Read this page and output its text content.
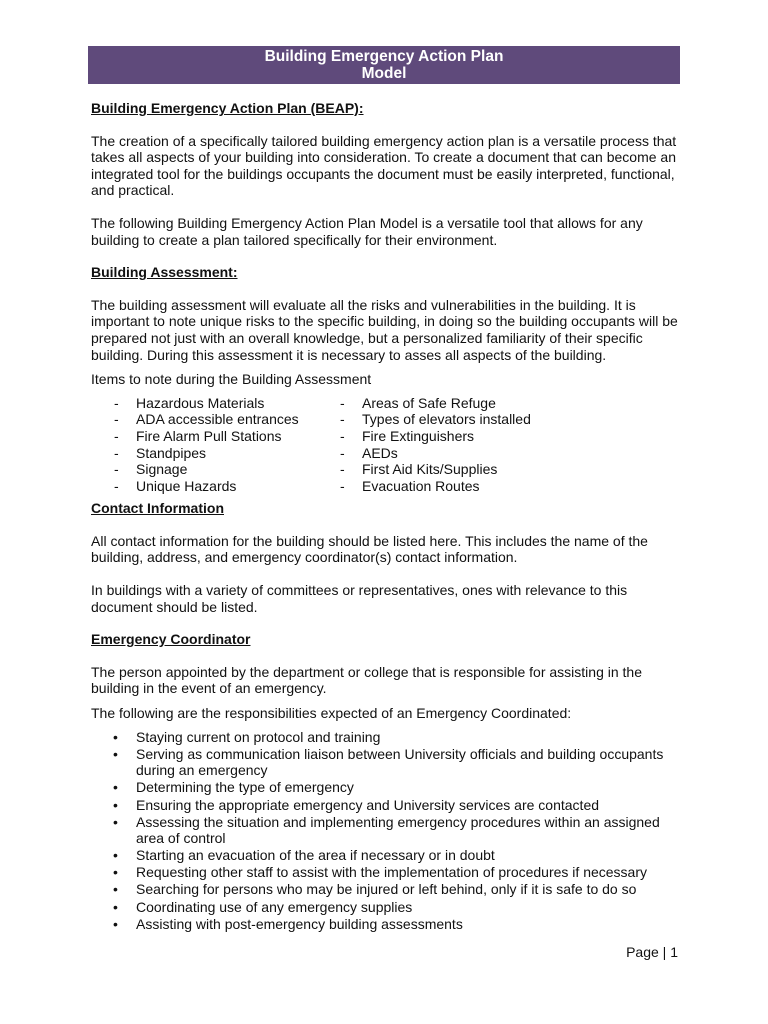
Building Emergency Action Plan
Model
Building Emergency Action Plan (BEAP):

The creation of a specifically tailored building emergency action plan is a versatile process that takes all aspects of your building into consideration. To create a document that can become an integrated tool for the buildings occupants the document must be easily interpreted, functional, and practical.

The following Building Emergency Action Plan Model is a versatile tool that allows for any building to create a plan tailored specifically for their environment.

Building Assessment:

The building assessment will evaluate all the risks and vulnerabilities in the building. It is important to note unique risks to the specific building, in doing so the building occupants will be prepared not just with an overall knowledge, but a personalized familiarity of their specific building. During this assessment it is necessary to asses all aspects of the building.

Items to note during the Building Assessment

-	Hazardous Materials
-	ADA accessible entrances
-	Fire Alarm Pull Stations
-	Standpipes
-	Signage
-	Unique Hazards
-	Areas of Safe Refuge
-	Types of elevators installed
-	Fire Extinguishers
-	AEDs
-	First Aid Kits/Supplies
-	Evacuation Routes
Contact Information

All contact information for the building should be listed here. This includes the name of the building, address, and emergency coordinator(s) contact information.

In buildings with a variety of committees or representatives, ones with relevance to this document should be listed.

Emergency Coordinator

The person appointed by the department or college that is responsible for assisting in the building in the event of an emergency.

The following are the responsibilities expected of an Emergency Coordinated:

•	Staying current on protocol and training
•	Serving as communication liaison between University officials and building occupants during an emergency
•	Determining the type of emergency
•	Ensuring the appropriate emergency and University services are contacted
•	Assessing the situation and implementing emergency procedures within an assigned area of control
•	Starting an evacuation of the area if necessary or in doubt
•	Requesting other staff to assist with the implementation of procedures if necessary
•	Searching for persons who may be injured or left behind, only if it is safe to do so
•	Coordinating use of any emergency supplies
•	Assisting with post-emergency building assessments
Page | 1
